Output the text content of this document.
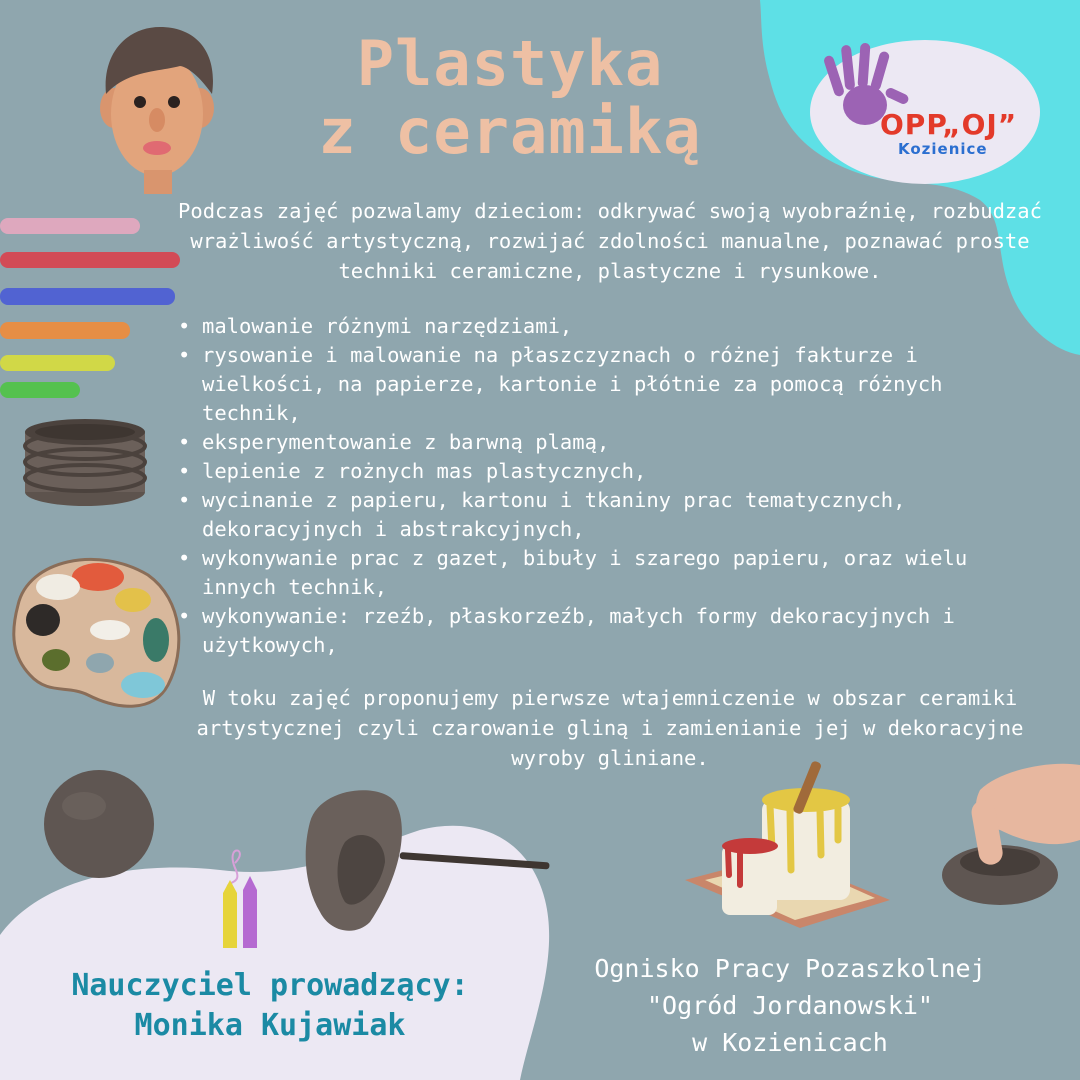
OPP„OJ”
Kozienice
Plastyka
z ceramiką
Podczas zajęć pozwalamy dzieciom: odkrywać swoją wyobraźnię, rozbudzać wrażliwość artystyczną, rozwijać zdolności manualne, poznawać proste techniki ceramiczne, plastyczne i rysunkowe.
• malowanie różnymi narzędziami,
• rysowanie i malowanie na płaszczyznach o różnej fakturze i wielkości, na papierze, kartonie i płótnie za pomocą różnych technik,
• eksperymentowanie z barwną plamą,
• lepienie z rożnych mas plastycznych,
• wycinanie z papieru, kartonu i tkaniny prac tematycznych, dekoracyjnych i abstrakcyjnych,
• wykonywanie prac z gazet, bibuły i szarego papieru, oraz wielu innych technik,
• wykonywanie: rzeźb, płaskorzeźb, małych formy dekoracyjnych i użytkowych,
W toku zajęć proponujemy pierwsze wtajemniczenie w obszar ceramiki artystycznej czyli czarowanie gliną i zamienianie jej w dekoracyjne wyroby gliniane.
Nauczyciel prowadzący:
Monika Kujawiak
Ognisko Pracy Pozaszkolnej
"Ogród Jordanowski"
w Kozienicach
